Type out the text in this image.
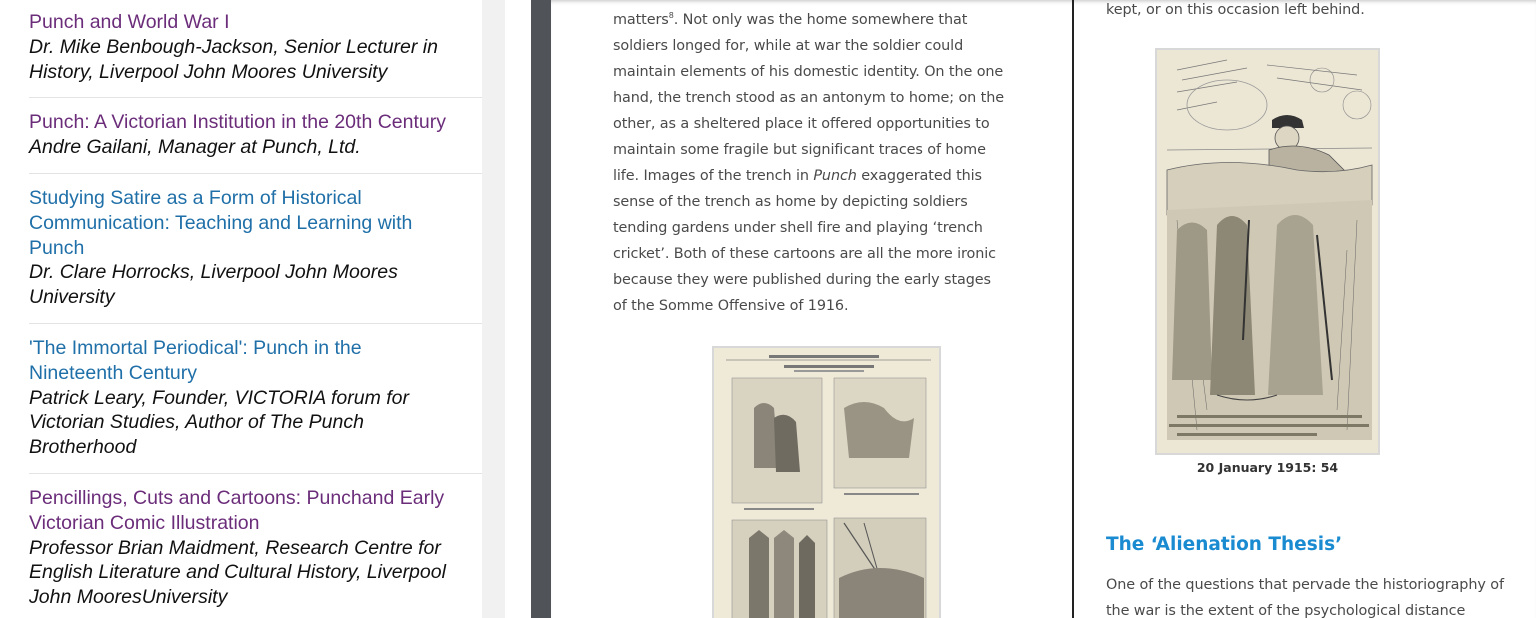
Punch and World War I
Dr. Mike Benbough-Jackson, Senior Lecturer in
History, Liverpool John Moores University
Punch: A Victorian Institution in the 20th Century
Andre Gailani, Manager at Punch, Ltd.
Studying Satire as a Form of Historical
Communication: Teaching and Learning with
Punch
Dr. Clare Horrocks, Liverpool John Moores
University
'The Immortal Periodical': Punch in the
Nineteenth Century
Patrick Leary, Founder, VICTORIA forum for
Victorian Studies, Author of The Punch
Brotherhood
Pencillings, Cuts and Cartoons: Punchand Early
Victorian Comic Illustration
Professor Brian Maidment, Research Centre for
English Literature and Cultural History, Liverpool
John MooresUniversity
matters$^8$. Not only was the home somewhere that
soldiers longed for, while at war the soldier could
maintain elements of his domestic identity. On the one
hand, the trench stood as an antonym to home; on the
other, as a sheltered place it offered opportunities to
maintain some fragile but significant traces of home
life. Images of the trench in Punch exaggerated this
sense of the trench as home by depicting soldiers
tending gardens under shell fire and playing ‘trench
cricket’. Both of these cartoons are all the more ironic
because they were published during the early stages
of the Somme Offensive of 1916.
kept, or on this occasion left behind.
20 January 1915: 54
The ‘Alienation Thesis’
One of the questions that pervade the historiography of
the war is the extent of the psychological distance
